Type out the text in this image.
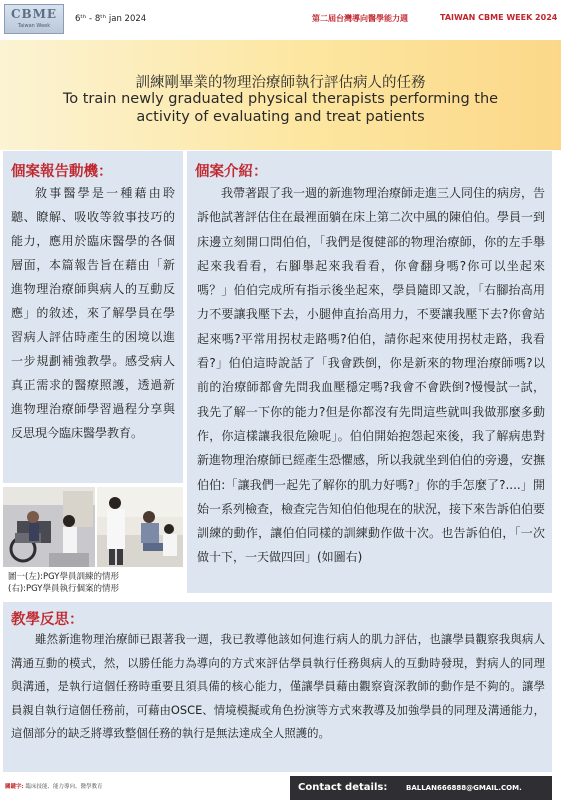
CBME
Taiwan Week
6ᵗʰ - 8ᵗʰ jan 2024	第二屆台灣導向醫學能力週	TAIWAN CBME WEEK 2024
訓練剛畢業的物理治療師執行評估病人的任務
To train newly graduated physical therapists performing the
activity of evaluating and treat patients
個案報告動機：
敘事醫學是一種藉由聆聽、瞭解、吸收等敘事技巧的能力，應用於臨床醫學的各個層面，本篇報告旨在藉由「新進物理治療師與病人的互動反應」的敘述，來了解學員在學習病人評估時產生的困境以進一步規劃補強教學。感受病人真正需求的醫療照護，透過新進物理治療師學習過程分享與反思現今臨床醫學教育。
圖一(左):PGY學員訓練的情形
(右):PGY學員執行個案的情形
個案介紹：
我帶著跟了我一週的新進物理治療師走進三人同住的病房，告訴他試著評估住在最裡面躺在床上第二次中風的陳伯伯。學員一到床邊立刻開口問伯伯，「我們是復健部的物理治療師，你的左手舉起來我看看，右腳舉起來我看看，你會翻身嗎?你可以坐起來嗎？」伯伯完成所有指示後坐起來，學員隨即又說，「右腳抬高用力不要讓我壓下去，小腿伸直抬高用力，不要讓我壓下去?你會站起來嗎?平常用拐杖走路嗎?伯伯，請你起來使用拐杖走路，我看看?」伯伯這時說話了「我會跌倒，你是新來的物理治療師嗎?以前的治療師都會先問我血壓穩定嗎?我會不會跌倒?慢慢試一試，我先了解一下你的能力?但是你都沒有先問這些就叫我做那麼多動作，你這樣讓我很危險呢」。伯伯開始抱怨起來後，我了解病患對新進物理治療師已經產生恐懼感，所以我就坐到伯伯的旁邊，安撫伯伯:「讓我們一起先了解你的肌力好嗎?」你的手怎麼了?....」開始一系列檢查，檢查完告知伯伯他現在的狀況，接下來告訴伯伯要訓練的動作，讓伯伯同樣的訓練動作做十次。也告訴伯伯，「一次做十下，一天做四回」(如圖右)
教學反思：
雖然新進物理治療師已跟著我一週，我已教導他該如何進行病人的肌力評估，也讓學員觀察我與病人溝通互動的模式，然，以勝任能力為導向的方式來評估學員執行任務與病人的互動時發現，對病人的同理與溝通，是執行這個任務時重要且須具備的核心能力，僅讓學員藉由觀察資深教師的動作是不夠的。讓學員親自執行這個任務前，可藉由OSCE、情境模擬或角色扮演等方式來教導及加強學員的同理及溝通能力，這個部分的缺乏將導致整個任務的執行是無法達成全人照護的。
關鍵字: 臨床技能、能力導向、醫學教育	Contact details:	BALLAN666888@GMAIL.COM.
